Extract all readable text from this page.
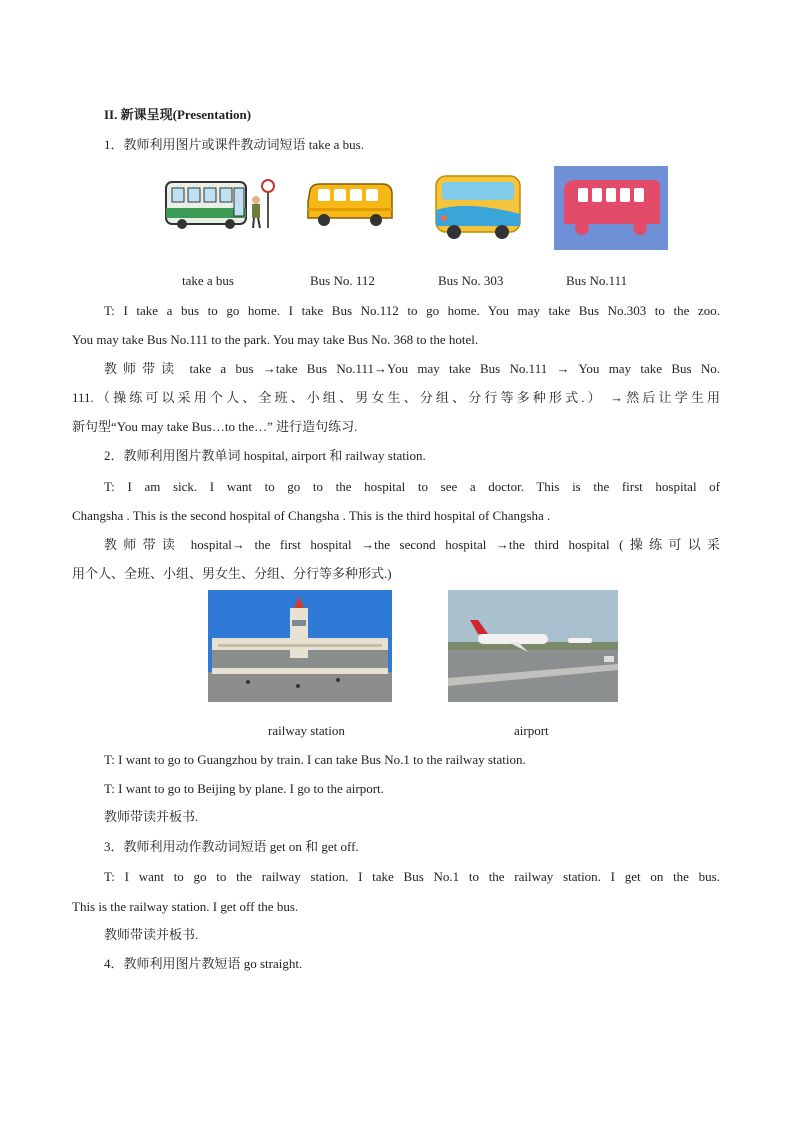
II. 新课呈现(Presentation)
1．教师利用图片或课件教动词短语 take a bus.
take a bus	Bus No. 112	Bus No. 303	Bus No.111
T: I take a bus to go home. I take Bus No.112 to go home. You may take Bus No.303 to the zoo.
You may take Bus No.111 to the park. You may take Bus No. 368 to the hotel.
教师带读 take a bus →take Bus No.111→You may take Bus No.111 → You may take Bus No.
111.（操练可以采用个人、全班、小组、男女生、分组、分行等多种形式.） →然后让学生用
新句型“You may take Bus…to the…” 进行造句练习.
2．教师利用图片教单词 hospital, airport 和 railway station.
T: I am sick. I want to go to the hospital to see a doctor. This is the first hospital of
Changsha . This is the second hospital of Changsha . This is the third hospital of Changsha .
教师带读 hospital→ the first hospital →the second hospital →the third hospital (操练可以采
用个人、全班、小组、男女生、分组、分行等多种形式.)
railway station	airport
T: I want to go to Guangzhou by train. I can take Bus No.1 to the railway station.
T: I want to go to Beijing by plane. I go to the airport.
教师带读并板书.
3．教师利用动作教动词短语 get on 和 get off.
T: I want to go to the railway station. I take Bus No.1 to the railway station. I get on the bus.
This is the railway station. I get off the bus.
教师带读并板书.
4．教师利用图片教短语 go straight.
